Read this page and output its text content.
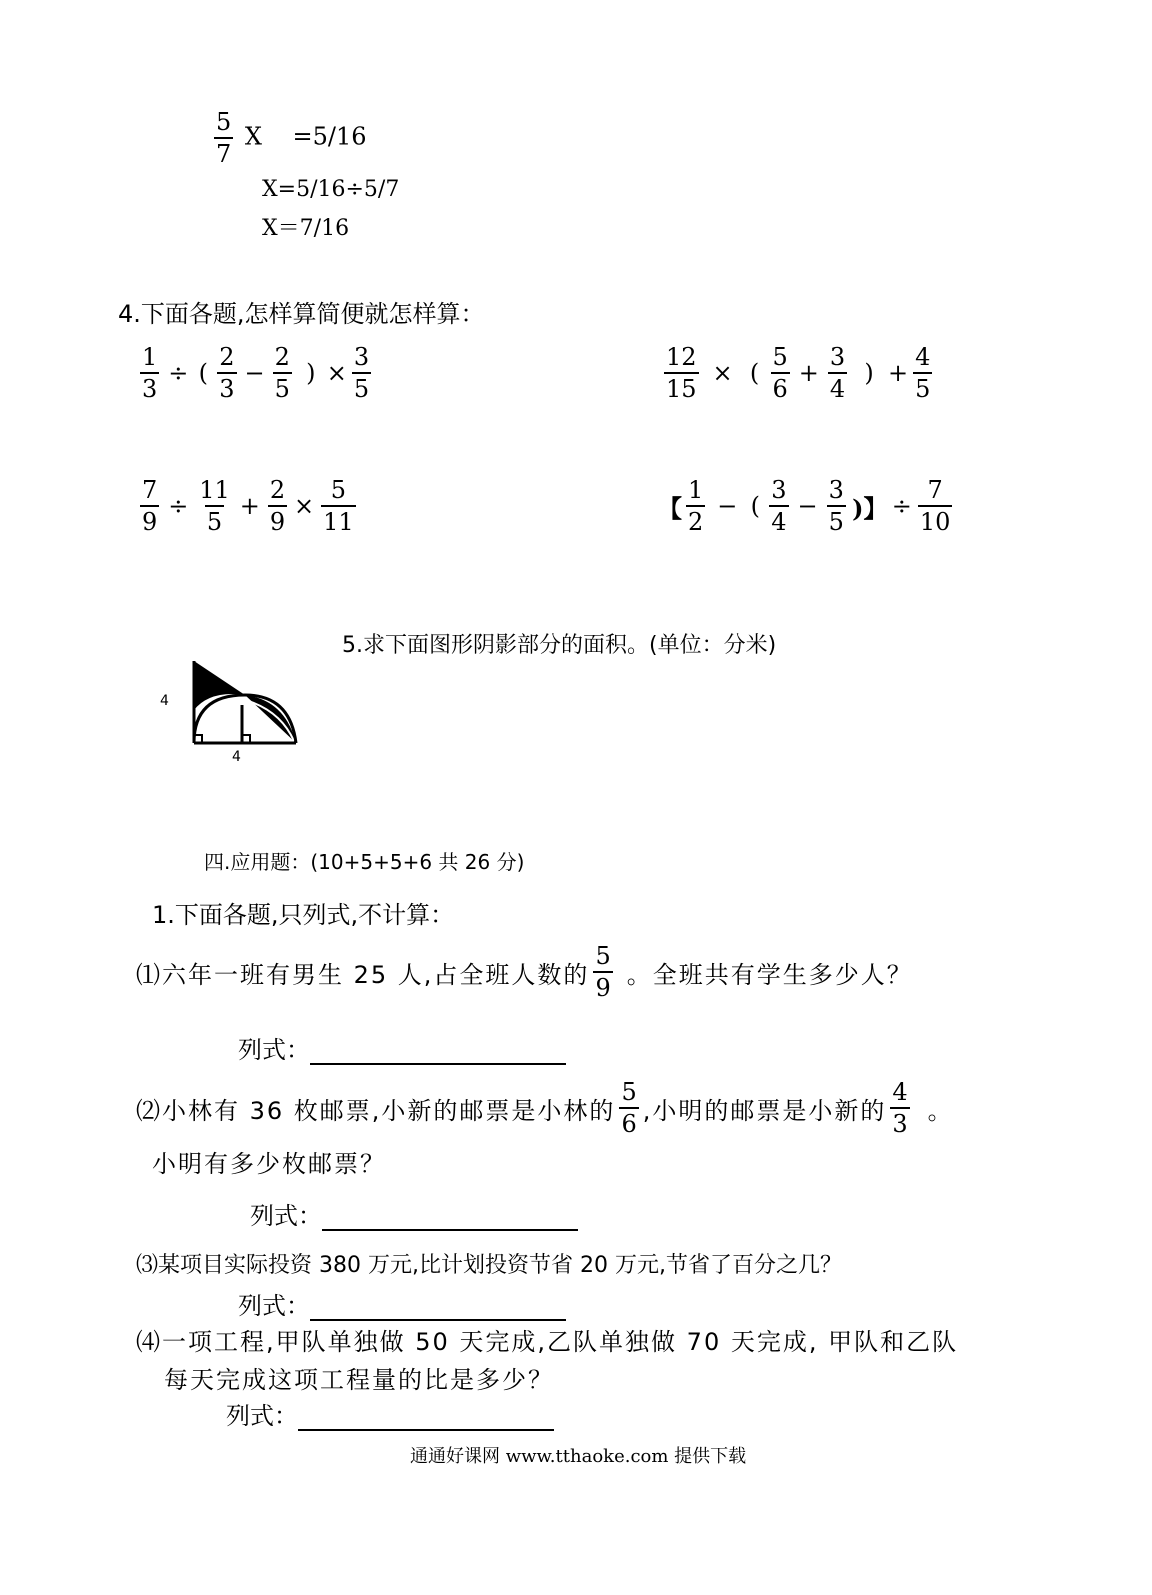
$\frac{5}{7}$ X    =5/16
X=5/16÷5/7
X＝7/16
4.下面各题,怎样算简便就怎样算：
$\frac{1}{3}$ ÷ ( $\frac{2}{3} - \frac{2}{5}$ ) × $\frac{3}{5}$	$\frac{12}{15}$ × ( $\frac{5}{6} + \frac{3}{4}$ ) + $\frac{4}{5}$
$\frac{7}{9} \div \frac{11}{5} + \frac{2}{9} \times \frac{5}{11}$	【 $\frac{1}{2}$ − ( $\frac{3}{4} - \frac{3}{5}$ )】 ÷ $\frac{7}{10}$
5.求下面图形阴影部分的面积。(单位：分米)
4
4
四.应用题：(10+5+5+6 共 26 分)
1.下面各题,只列式,不计算：
⑴六年一班有男生 25 人,占全班人数的 $\frac{5}{9}$ 。全班共有学生多少人？
列式：
⑵小林有 36 枚邮票,小新的邮票是小林的 $\frac{5}{6}$ ,小明的邮票是小新的 $\frac{4}{3}$ 。
小明有多少枚邮票？
列式：
⑶某项目实际投资 380 万元,比计划投资节省 20 万元,节省了百分之几？
列式：
⑷一项工程,甲队单独做 50 天完成,乙队单独做 70 天完成, 甲队和乙队
每天完成这项工程量的比是多少？
列式：
通通好课网 www.tthaoke.com 提供下载
